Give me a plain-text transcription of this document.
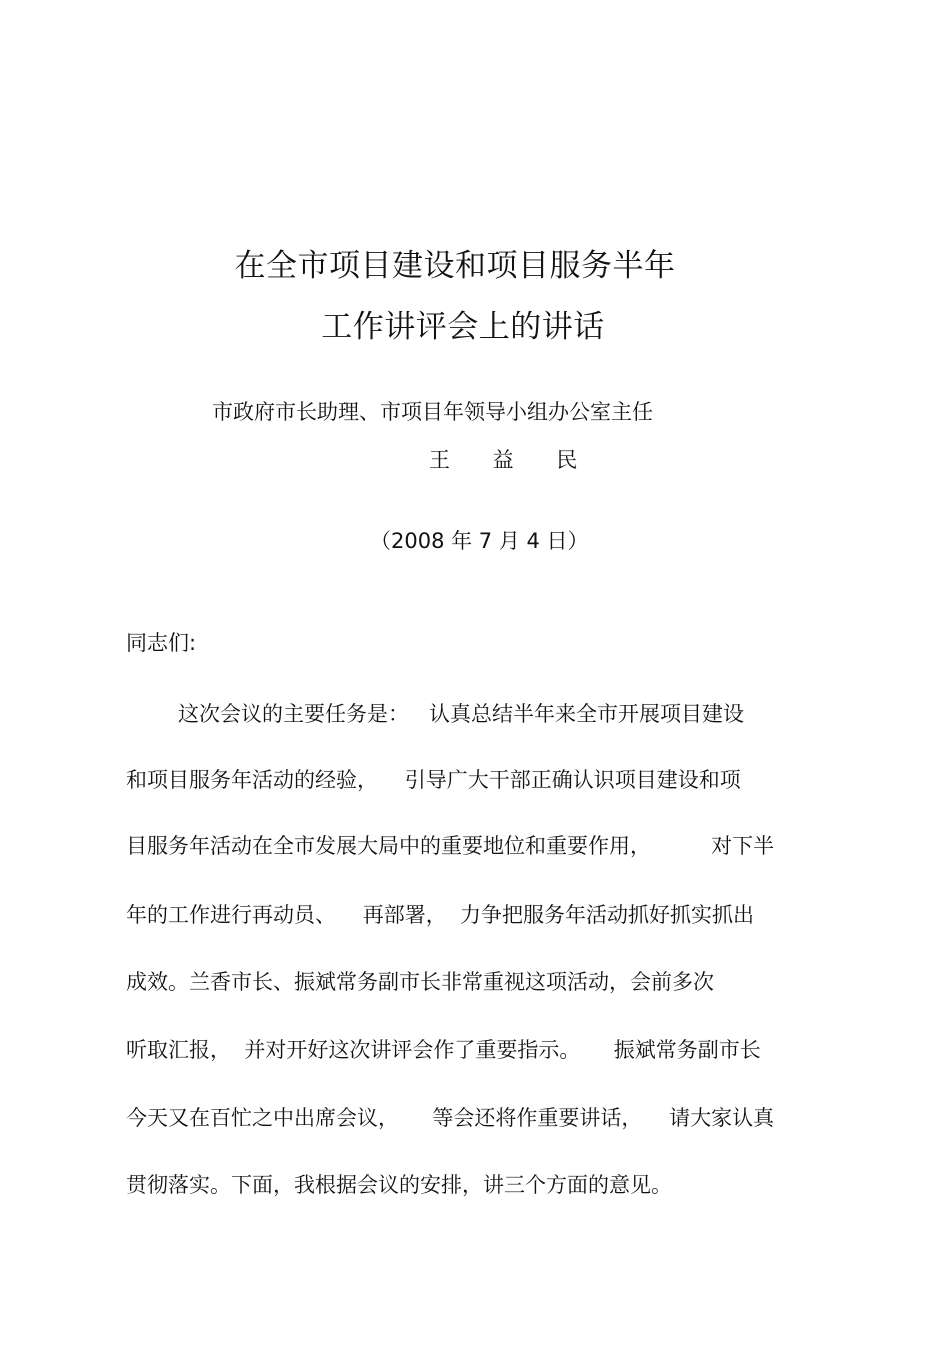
在全市项目建设和项目服务半年
工作讲评会上的讲话
市政府市长助理、市项目年领导小组办公室主任
王 益 民
（2008 年 7 月 4 日）
同志们:
这次会议的主要任务是：   认真总结半年来全市开展项目建设
和项目服务年活动的经验，    引导广大干部正确认识项目建设和项
目服务年活动在全市发展大局中的重要地位和重要作用，         对下半
年的工作进行再动员、    再部署，  力争把服务年活动抓好抓实抓出
成效。兰香市长、振斌常务副市长非常重视这项活动，会前多次
听取汇报，  并对开好这次讲评会作了重要指示。     振斌常务副市长
今天又在百忙之中出席会议，     等会还将作重要讲话，    请大家认真
贯彻落实。下面，我根据会议的安排，讲三个方面的意见。
